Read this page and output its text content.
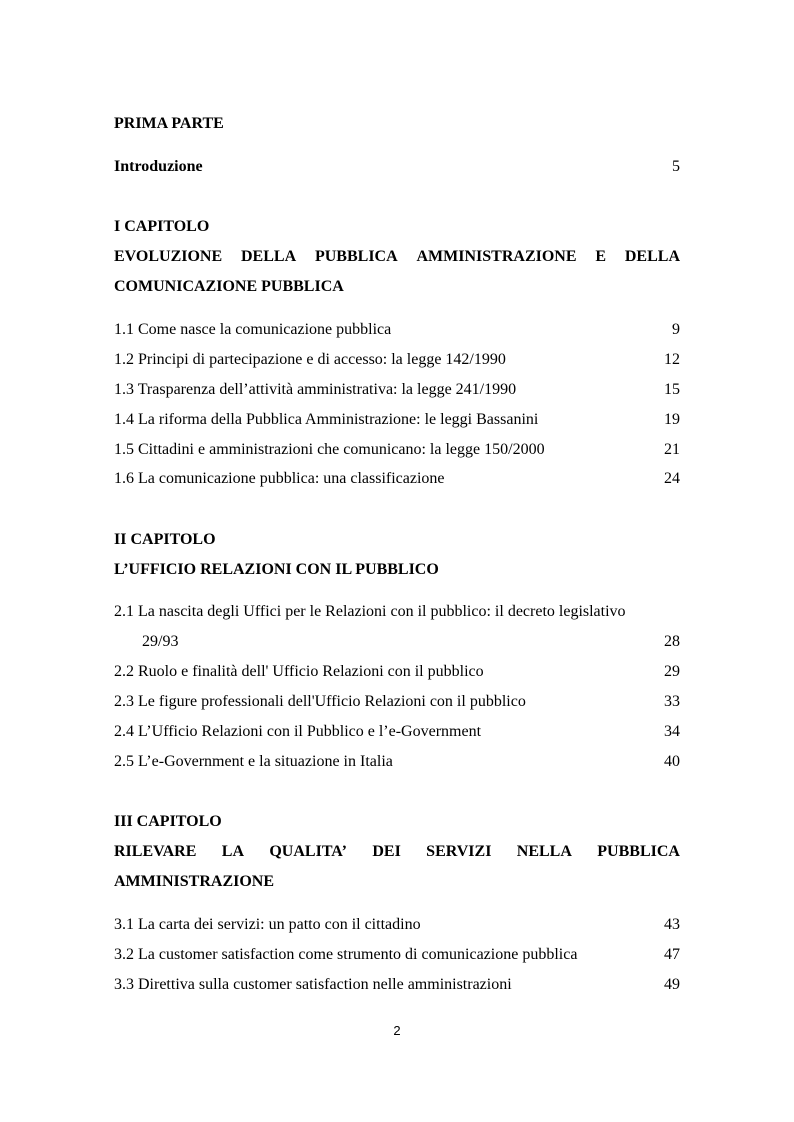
PRIMA PARTE
Introduzione	5
I CAPITOLO
EVOLUZIONE DELLA PUBBLICA AMMINISTRAZIONE E DELLA
COMUNICAZIONE PUBBLICA
1.1 Come nasce la comunicazione pubblica	9
1.2 Principi di partecipazione e di accesso: la legge 142/1990	12
1.3 Trasparenza dell’attività amministrativa: la legge 241/1990	15
1.4 La riforma della Pubblica Amministrazione: le leggi Bassanini	19
1.5 Cittadini e amministrazioni che comunicano: la legge 150/2000	21
1.6 La comunicazione pubblica: una classificazione	24
II CAPITOLO
L’UFFICIO RELAZIONI CON IL PUBBLICO
2.1 La nascita degli Uffici per le Relazioni con il pubblico: il decreto legislativo
29/93	28
2.2 Ruolo e finalità dell' Ufficio Relazioni con il pubblico	29
2.3 Le figure professionali dell'Ufficio Relazioni con il pubblico	33
2.4 L’Ufficio Relazioni con il Pubblico e l’e-Government	34
2.5 L’e-Government e la situazione in Italia	40
III CAPITOLO
RILEVARE LA QUALITA’ DEI SERVIZI NELLA PUBBLICA
AMMINISTRAZIONE
3.1 La carta dei servizi: un patto con il cittadino	43
3.2 La customer satisfaction come strumento di comunicazione pubblica	47
3.3 Direttiva sulla customer satisfaction nelle amministrazioni	49
2
